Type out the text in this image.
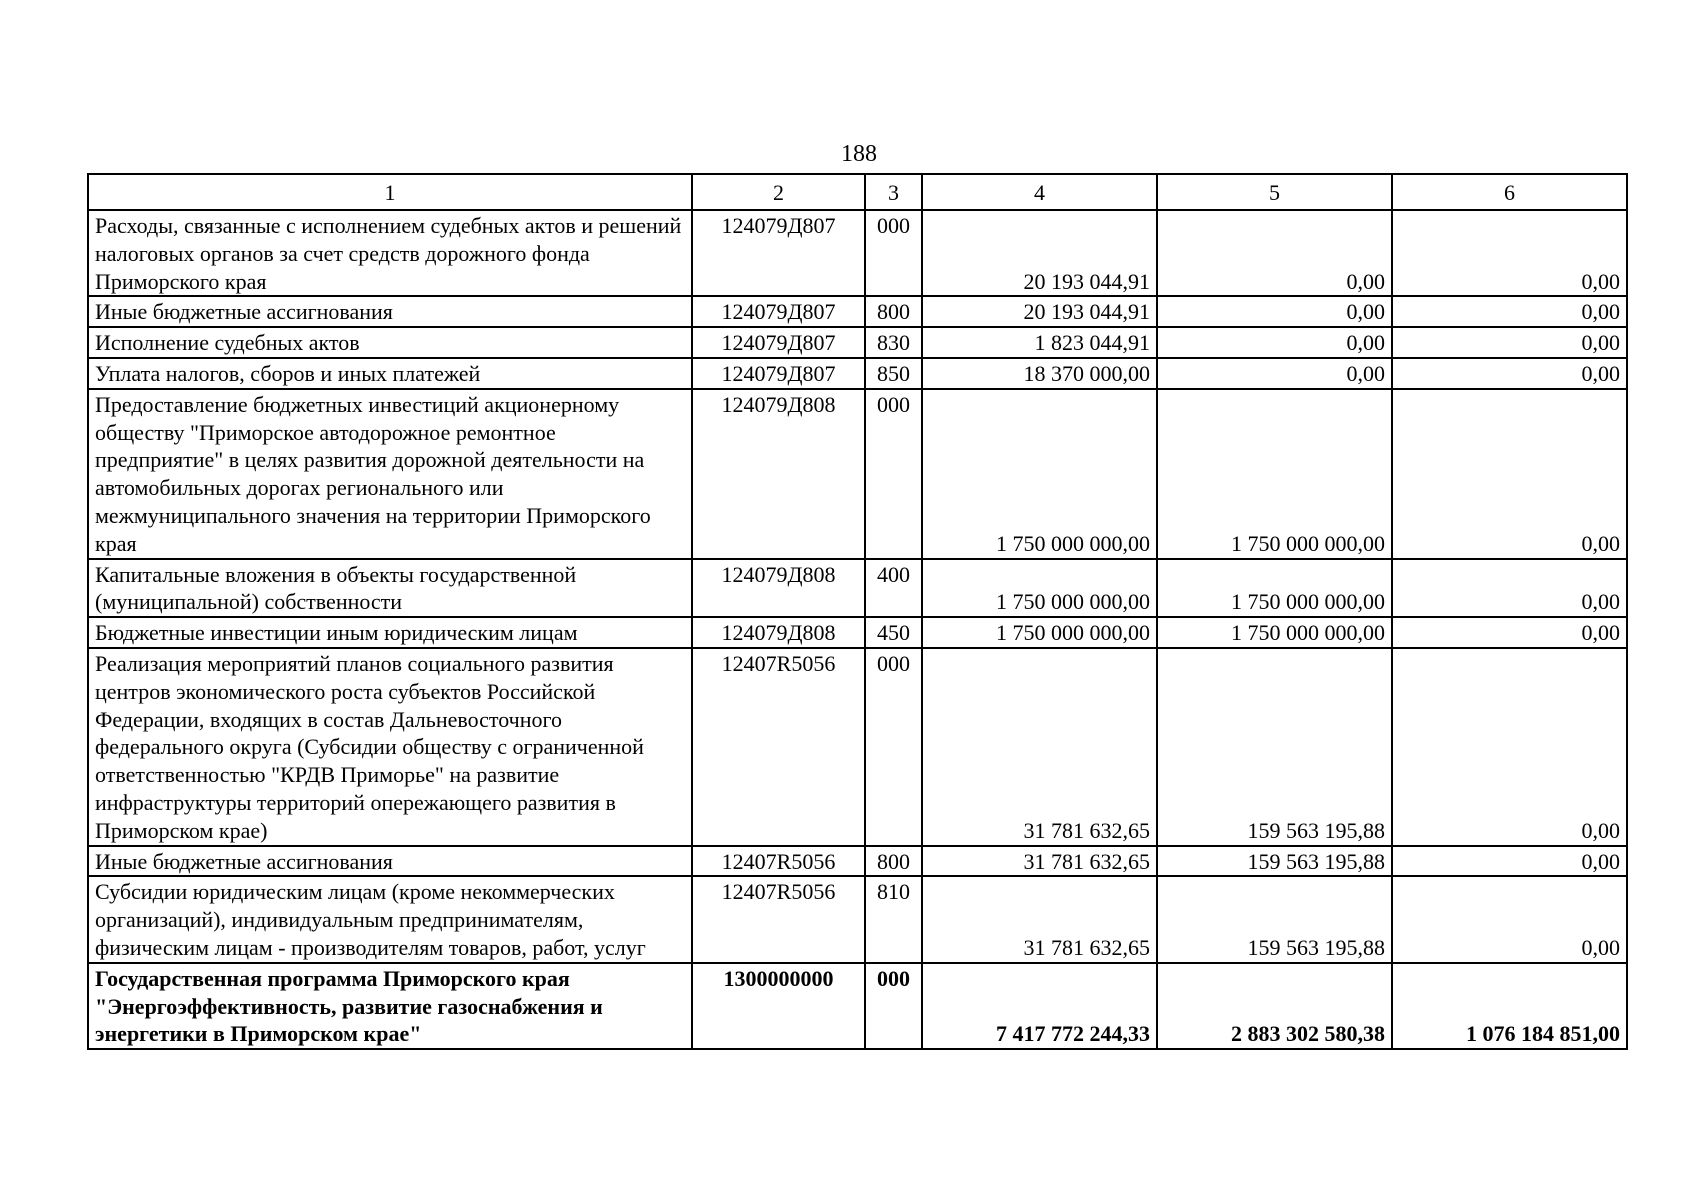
188
1	2	3	4	5	6
Расходы, связанные с исполнением судебных актов и решений налоговых органов за счет средств дорожного фонда Приморского края	124079Д807	000	20 193 044,91	0,00	0,00
Иные бюджетные ассигнования	124079Д807	800	20 193 044,91	0,00	0,00
Исполнение судебных актов	124079Д807	830	1 823 044,91	0,00	0,00
Уплата налогов, сборов и иных платежей	124079Д807	850	18 370 000,00	0,00	0,00
Предоставление бюджетных инвестиций акционерному обществу "Приморское автодорожное ремонтное предприятие" в целях развития дорожной деятельности на автомобильных дорогах регионального или межмуниципального значения на территории Приморского края	124079Д808	000	1 750 000 000,00	1 750 000 000,00	0,00
Капитальные вложения в объекты государственной (муниципальной) собственности	124079Д808	400	1 750 000 000,00	1 750 000 000,00	0,00
Бюджетные инвестиции иным юридическим лицам	124079Д808	450	1 750 000 000,00	1 750 000 000,00	0,00
Реализация мероприятий планов социального развития центров экономического роста субъектов Российской Федерации, входящих в состав Дальневосточного федерального округа (Субсидии обществу с ограниченной ответственностью "КРДВ Приморье" на развитие инфраструктуры территорий опережающего развития в Приморском крае)	12407R5056	000	31 781 632,65	159 563 195,88	0,00
Иные бюджетные ассигнования	12407R5056	800	31 781 632,65	159 563 195,88	0,00
Субсидии юридическим лицам (кроме некоммерческих организаций), индивидуальным предпринимателям, физическим лицам - производителям товаров, работ, услуг	12407R5056	810	31 781 632,65	159 563 195,88	0,00
Государственная программа Приморского края "Энергоэффективность, развитие газоснабжения и энергетики в Приморском крае"	1300000000	000	7 417 772 244,33	2 883 302 580,38	1 076 184 851,00
